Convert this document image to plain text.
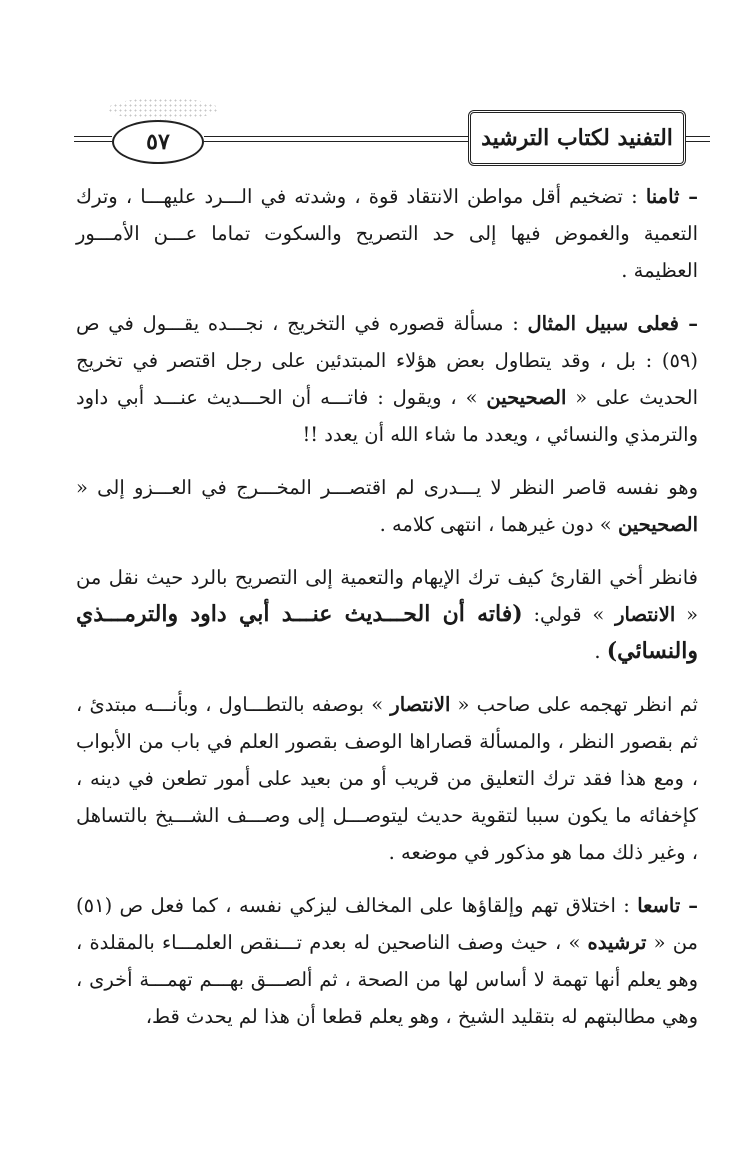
التفنيد لكتاب الترشيد
٥٧

– ثامنا : تضخيم أقل مواطن الانتقاد قوة ، وشدته في الـــرد عليهـــا ، وترك التعمية والغموض فيها إلى حد التصريح والسكوت تماما عـــن الأمـــور العظيمة .

– فعلى سبيل المثال : مسألة قصوره في التخريج ، نجـــده يقـــول في ص (٥٩) : بل ، وقد يتطاول بعض هؤلاء المبتدئين على رجل اقتصر في تخريج الحديث على « الصحيحين » ، ويقول : فاتـــه أن الحـــديث عنـــد أبي داود والترمذي والنسائي ، ويعدد ما شاء الله أن يعدد !!

وهو نفسه قاصر النظر لا يـــدرى لم اقتصـــر المخـــرج في العـــزو إلى « الصحيحين » دون غيرهما ، انتهى كلامه .

فانظر أخي القارئ كيف ترك الإيهام والتعمية إلى التصريح بالرد حيث نقل من « الانتصار » قولي: (فاته أن الحـــديث عنـــد أبي داود والترمـــذي والنسائي) .

ثم انظر تهجمه على صاحب « الانتصار » بوصفه بالتطـــاول ، وبأنـــه مبتدئ ، ثم بقصور النظر ، والمسألة قصاراها الوصف بقصور العلم في باب من الأبواب ، ومع هذا فقد ترك التعليق من قريب أو من بعيد على أمور تطعن في دينه ، كإخفائه ما يكون سببا لتقوية حديث ليتوصـــل إلى وصـــف الشـــيخ بالتساهل ، وغير ذلك مما هو مذكور في موضعه .

– تاسعا : اختلاق تهم وإلقاؤها على المخالف ليزكي نفسه ، كما فعل ص (٥١) من « ترشيده » ، حيث وصف الناصحين له بعدم تـــنقص العلمـــاء بالمقلدة ، وهو يعلم أنها تهمة لا أساس لها من الصحة ، ثم ألصـــق بهـــم تهمـــة أخرى ، وهي مطالبتهم له بتقليد الشيخ ، وهو يعلم قطعا أن هذا لم يحدث قط،
